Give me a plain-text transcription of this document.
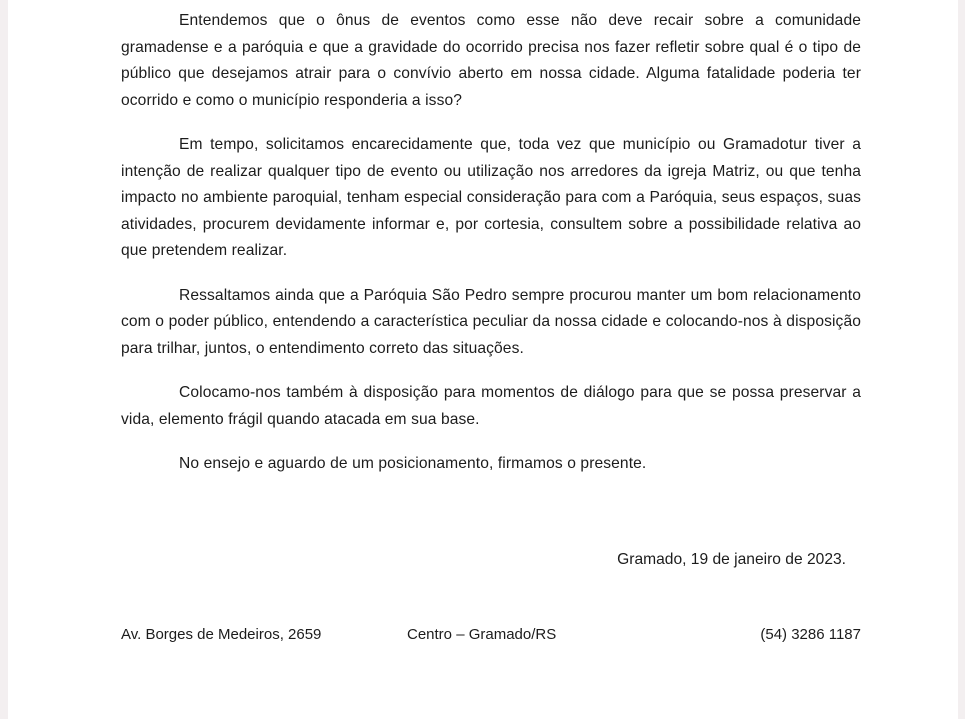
Entendemos que o ônus de eventos como esse não deve recair sobre a comunidade gramadense e a paróquia e que a gravidade do ocorrido precisa nos fazer refletir sobre qual é o tipo de público que desejamos atrair para o convívio aberto em nossa cidade. Alguma fatalidade poderia ter ocorrido e como o município responderia a isso?

Em tempo, solicitamos encarecidamente que, toda vez que município ou Gramadotur tiver a intenção de realizar qualquer tipo de evento ou utilização nos arredores da igreja Matriz, ou que tenha impacto no ambiente paroquial, tenham especial consideração para com a Paróquia, seus espaços, suas atividades, procurem devidamente informar e, por cortesia, consultem sobre a possibilidade relativa ao que pretendem realizar.

Ressaltamos ainda que a Paróquia São Pedro sempre procurou manter um bom relacionamento com o poder público, entendendo a característica peculiar da nossa cidade e colocando-nos à disposição para trilhar, juntos, o entendimento correto das situações.

Colocamo-nos também à disposição para momentos de diálogo para que se possa preservar a vida, elemento frágil quando atacada em sua base.

No ensejo e aguardo de um posicionamento, firmamos o presente.

Gramado, 19 de janeiro de 2023.
Av. Borges de Medeiros, 2659	Centro – Gramado/RS	(54) 3286 1187
